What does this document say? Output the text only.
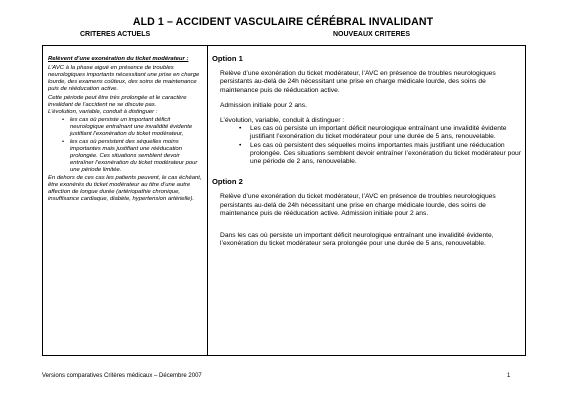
ALD 1 – ACCIDENT VASCULAIRE CÉRÉBRAL INVALIDANT
CRITERES ACTUELS	NOUVEAUX CRITERES

Relèvent d’une exonération du ticket modérateur :

L’AVC à la phase aiguë en présence de troubles neurologiques importants nécessitant une prise en charge lourde, des examens coûteux, des soins de maintenance puis de rééducation active.

Cette période peut être très prolongée et le caractère invalidant de l’accident ne se discute pas.

L’évolution, variable, conduit à distinguer :

• les cas où persiste un important déficit neurologique entraînant une invalidité évidente justifiant l’exonération du ticket modérateur,
• les cas où persistent des séquelles moins importantes mais justifiant une rééducation prolongée. Ces situations semblent devoir entraîner l’exonération du ticket modérateur pour une période limitée.

En dehors de ces cas les patients peuvent, le cas échéant, être exonérés du ticket modérateur au titre d’une autre affection de longue durée (artériopathie chronique, insuffisance cardiaque, diabète, hypertension artérielle).

Option 1
Relève d’une exonération du ticket modérateur, l’AVC en présence de troubles neurologiques persistants au-delà de 24h nécessitant une prise en charge médicale lourde, des soins de maintenance puis de rééducation active.
Admission initiale pour 2 ans.
L’évolution, variable, conduit à distinguer :
• Les cas où persiste un important déficit neurologique entraînant une invalidité évidente justifiant l’exonération du ticket modérateur pour une durée de 5 ans, renouvelable.
• Les cas où persistent des séquelles moins importantes mais justifiant une rééducation prolongée. Ces situations semblent devoir entraîner l’exonération du ticket modérateur pour une période de 2 ans, renouvelable.
Option 2
Relève d’une exonération du ticket modérateur, l’AVC en présence de troubles neurologiques persistants au-delà de 24h nécessitant une prise en charge médicale lourde, des soins de maintenance puis de rééducation active. Admission initiale pour 2 ans.
Dans les cas où persiste un important déficit neurologique entraînant une invalidité évidente, l’exonération du ticket modérateur sera prolongée pour une durée de 5 ans, renouvelable.
Versions comparatives Critères médicaux – Décembre 2007	1
